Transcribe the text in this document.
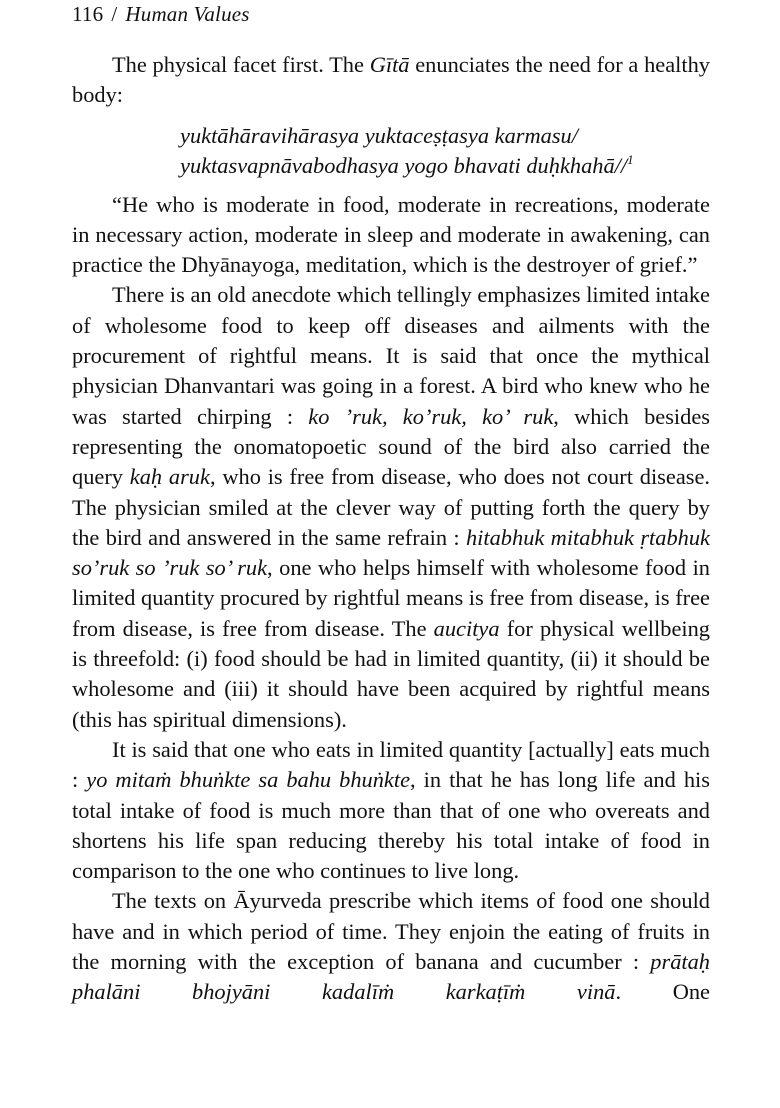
116 / Human Values

The physical facet first. The Gītā enunciates the need for a healthy body:

yuktāhāravihārasya yuktaceṣṭasya karmasu/
yuktasvapnāvabodhasya yogo bhavati duḥkhahā//$^1$

“He who is moderate in food, moderate in recreations, moderate in necessary action, moderate in sleep and moderate in awakening, can practice the Dhyānayoga, meditation, which is the destroyer of grief.”

There is an old anecdote which tellingly emphasizes limited intake of wholesome food to keep off diseases and ailments with the procurement of rightful means. It is said that once the mythical physician Dhanvantari was going in a forest. A bird who knew who he was started chirping : ko ’ruk, ko’ruk, ko’ ruk, which besides representing the onomatopoetic sound of the bird also carried the query kaḥ aruk, who is free from disease, who does not court disease. The physician smiled at the clever way of putting forth the query by the bird and answered in the same refrain : hitabhuk mitabhuk ṛtabhuk so’ruk so ’ruk so’ ruk, one who helps himself with wholesome food in limited quantity procured by rightful means is free from disease, is free from disease, is free from disease. The aucitya for physical wellbeing is threefold: (i) food should be had in limited quantity, (ii) it should be wholesome and (iii) it should have been acquired by rightful means (this has spiritual dimensions).

It is said that one who eats in limited quantity [actually] eats much : yo mitaṁ bhuṅkte sa bahu bhuṅkte, in that he has long life and his total intake of food is much more than that of one who overeats and shortens his life span reducing thereby his total intake of food in comparison to the one who continues to live long.

The texts on Āyurveda prescribe which items of food one should have and in which period of time. They enjoin the eating of fruits in the morning with the exception of banana and cucumber : prātaḥ phalāni bhojyāni kadalīṁ karkaṭīṁ vinā. One
